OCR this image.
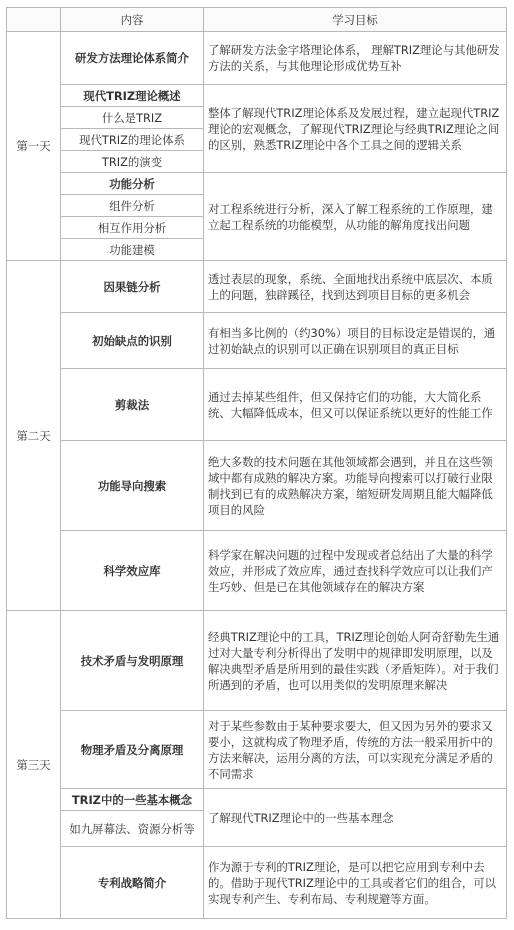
	内容	学习目标
第一天	研发方法理论体系简介	了解研发方法金字塔理论体系， 理解TRIZ理论与其他研发方法的关系，与其他理论形成优势互补
	现代TRIZ理论概述	整体了解现代TRIZ理论体系及发展过程，建立起现代TRIZ理论的宏观概念，了解现代TRIZ理论与经典TRIZ理论之间的区别，熟悉TRIZ理论中各个工具之间的逻辑关系
	什么是TRIZ	
	现代TRIZ的理论体系	
	TRIZ的演变	
	功能分析	对工程系统进行分析，深入了解工程系统的工作原理，建立起工程系统的功能模型，从功能的解角度找出问题
	组件分析	
	相互作用分析	
	功能建模	
第二天	因果链分析	透过表层的现象，系统、全面地找出系统中底层次、本质上的问题，独辟蹊径，找到达到项目目标的更多机会
	初始缺点的识别	有相当多比例的（约30%）项目的目标设定是错误的，通过初始缺点的识别可以正确在识别项目的真正目标
	剪裁法	通过去掉某些组件，但又保持它们的功能，大大简化系统、大幅降低成本，但又可以保证系统以更好的性能工作
	功能导向搜索	绝大多数的技术问题在其他领域都会遇到，并且在这些领域中都有成熟的解决方案。功能导向搜索可以打破行业限制找到已有的成熟解决方案，缩短研发周期且能大幅降低项目的风险
	科学效应库	科学家在解决问题的过程中发现或者总结出了大量的科学效应，并形成了效应库，通过查找科学效应可以让我们产生巧妙、但是已在其他领域存在的解决方案
第三天	技术矛盾与发明原理	经典TRIZ理论中的工具，TRIZ理论创始人阿奇舒勒先生通过对大量专利分析得出了发明中的规律即发明原理，以及解决典型矛盾是所用到的最佳实践（矛盾矩阵）。对于我们所遇到的矛盾，也可以用类似的发明原理来解决
	物理矛盾及分离原理	对于某些参数由于某种要求要大，但又因为另外的要求又要小，这就构成了物理矛盾，传统的方法一般采用折中的方法来解决，运用分离的方法，可以实现充分满足矛盾的不同需求
	TRIZ中的一些基本概念	了解现代TRIZ理论中的一些基本理念
	如九屏幕法、资源分析等	
	专利战略简介	作为源于专利的TRIZ理论，是可以把它应用到专利中去的。借助于现代TRIZ理论中的工具或者它们的组合，可以实现专利产生、专利布局、专利规避等方面。
